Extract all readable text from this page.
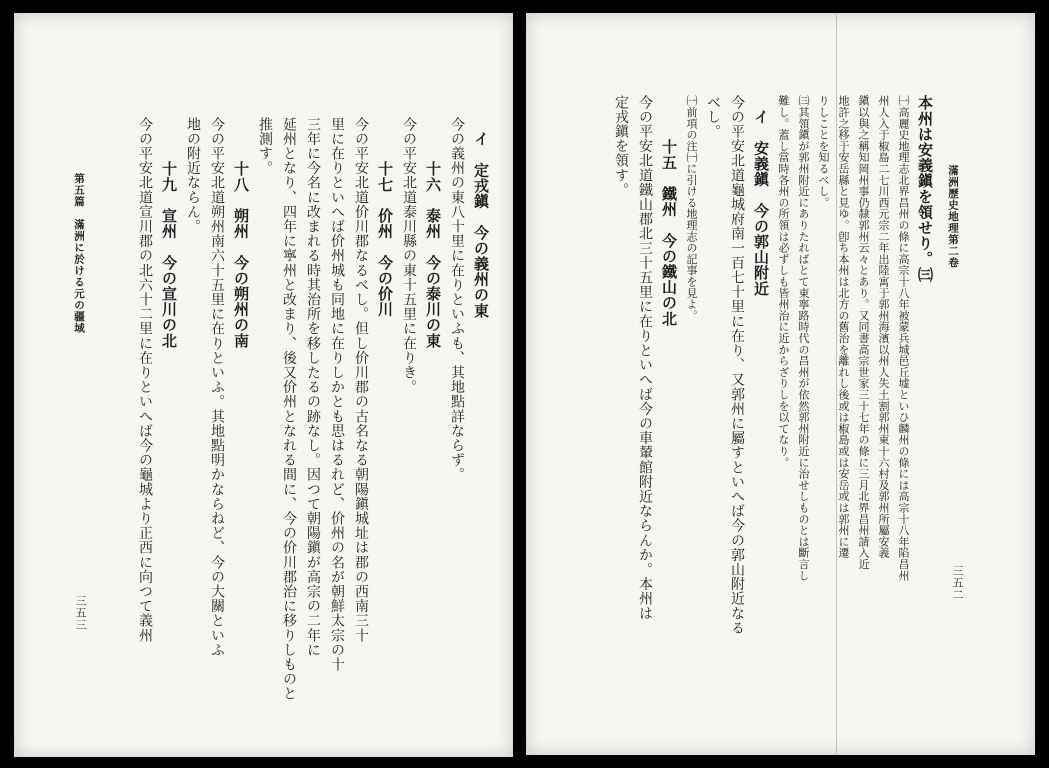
イ　定戎鎭　今の義州の東

今の義州の東八十里に在りといふも、其地點詳ならず。

十六　泰州　今の泰川の東

今の平安北道泰川縣の東十五里に在りき。

十七　价州　今の价川

今の平安北道价川郡なるべし。但し价川郡の古名なる朝陽鎭城址は郡の西南三十

里に在りといへば价州城も同地に在りしかとも思はるれど、价州の名が朝鮮太宗の十

三年に今名に改まれる時其治所を移したるの跡なし。因つて朝陽鎭が高宗の二年に

延州となり、四年に寧州と改まり、後又价州となれる間に、今の价川郡治に移りしものと

推測す。

十八　朔州　今の朔州の南

今の平安北道朔州南六十五里に在りといふ。其地點明かならねど、今の大關といふ

地の附近ならん。

十九　宣州　今の宣川の北

今の平安北道宣川郡の北六十二里に在りといへば今の龜城より正西に向つて義州

第五篇　滿洲に於ける元の疆域
三五三
滿洲歷史地理第二卷
三五二

本州は安義鎭を領せり。㈢

㈠高麗史地理志北界昌州の條に高宗十八年被蒙兵城邑丘墟といひ麟州の條には高宗十八年陷昌州

州人入于椒島二七川西元宗二年出陸寓于郭州海濱以州人失土割郭州東十六村及郭州所屬安義

鎭以與之稱知岡州事仍隸郭州云々とあり。又同書高宗世家三十七年の條に三月北界昌州請入近

地許之移于安岳縣と見ゆ。卽ち本州は北方の舊治を離れし後或は椒島或は安岳或は郭州に遷

りしことを知るべし。

㈢其領鎭が郭州附近にありたればとて東寧路時代の昌州が依然郭州附近に治せしものとは斷言し

難し。蓋し當時各州の所領は必ずしも皆州治に近からざりしを以てなり。

イ　安義鎭　今の郭山附近

今の平安北道龜城府南一百七十里に在り、又郭州に屬すといへば今の郭山附近なる

べし。

㈠前項の注㈠に引ける地理志の記事を見よ。

十五　鐵州　今の鐵山の北

今の平安北道鐵山郡北三十五里に在りといへば今の車輦館附近ならんか。本州は

定戎鎭を領す。
